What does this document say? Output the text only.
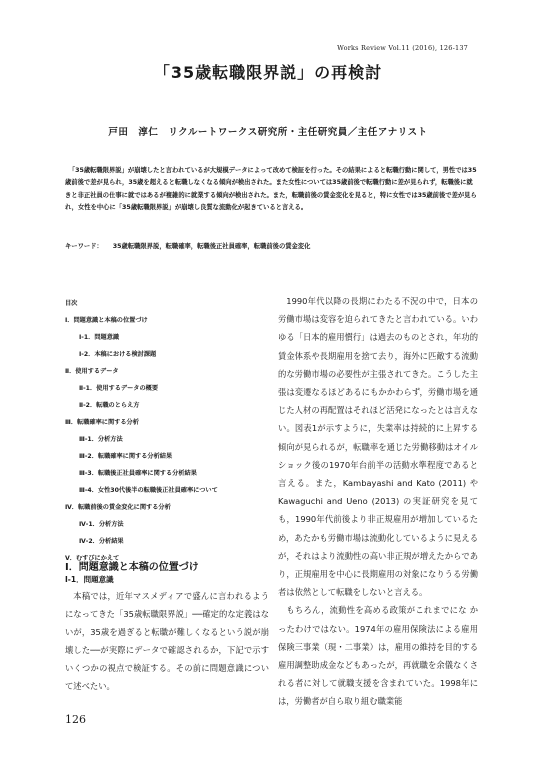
Works Review Vol.11 (2016), 126-137
「35歳転職限界説」の再検討
戸田　淳仁　リクルートワークス研究所・主任研究員／主任アナリスト
「35歳転職限界説」が崩壊したと言われているが大規模データによって改めて検証を行った。その結果によると転職行動に関して，男性では35歳前後で差が見られ，35歳を超えると転職しなくなる傾向が検出された。また女性については35歳前後で転職行動に差が見られず，転職後に就きと非正社員の仕事に就ではあるが複雑的に就業する傾向が検出された。また，転職前後の賃金変化を見ると，特に女性では35歳前後で差が見られ，女性を中心に「35歳転職限界説」が崩壊し良質な流動化が起きていると言える。
キーワード： 35歳転職限界説，転職確率，転職後正社員確率，転職前後の賃金変化
目次
Ⅰ．問題意識と本稿の位置づけ
Ⅰ-1．問題意識
Ⅰ-2．本稿における検討課題
Ⅱ．使用するデータ
Ⅱ-1．使用するデータの概要
Ⅱ-2．転職のとらえ方
Ⅲ．転職確率に関する分析
Ⅲ-1．分析方法
Ⅲ-2．転職確率に関する分析結果
Ⅲ-3．転職後正社員確率に関する分析結果
Ⅲ-4．女性30代後半の転職後正社員確率について
Ⅳ．転職前後の賃金変化に関する分析
Ⅳ-1．分析方法
Ⅳ-2．分析結果
Ⅴ．むすびにかえて
Ⅰ．問題意識と本稿の位置づけ
Ⅰ-1．問題意識
本稿では，近年マスメディアで盛んに言われるようになってきた「35歳転職限界説」──確定的な定義はないが，35歳を過ぎると転職が難しくなるという説が崩壊した──が実際にデータで確認されるか，下記で示すいくつかの視点で検証する。その前に問題意識について述べたい。
1990年代以降の長期にわたる不況の中で，日本の労働市場は変容を迫られてきたと言われている。いわゆる「日本的雇用慣行」は過去のものとされ，年功的賃金体系や長期雇用を捨て去り，海外に匹敵する流動的な労働市場の必要性が主張されてきた。こうした主張は変遷なるほどあるにもかかわらず，労働市場を通じた人材の再配置はそれほど活発になったとは言えない。図表1が示すように，失業率は持続的に上昇する傾向が見られるが，転職率を通じた労働移動はオイルショック後の1970年台前半の活動水準程度であると言える。また，Kambayashi and Kato (2011) やKawaguchi and Ueno (2013) の実証研究を見ても，1990年代前後より非正規雇用が増加しているため，あたかも労働市場は流動化しているように見えるが，それはより流動性の高い非正規が増えたからであり，正規雇用を中心に長期雇用の対象になりうる労働者は依然として転職をしないと言える。
もちろん，流動性を高める政策がこれまでにな かったわけではない。1974年の雇用保険法による雇用保険三事業（現・二事業）は，雇用の維持を目的する雇用調整助成金などもあったが，再就職を余儀なくされる者に対して就職支援を含まれていた。1998年には，労働者が自ら取り組む職業能
126
